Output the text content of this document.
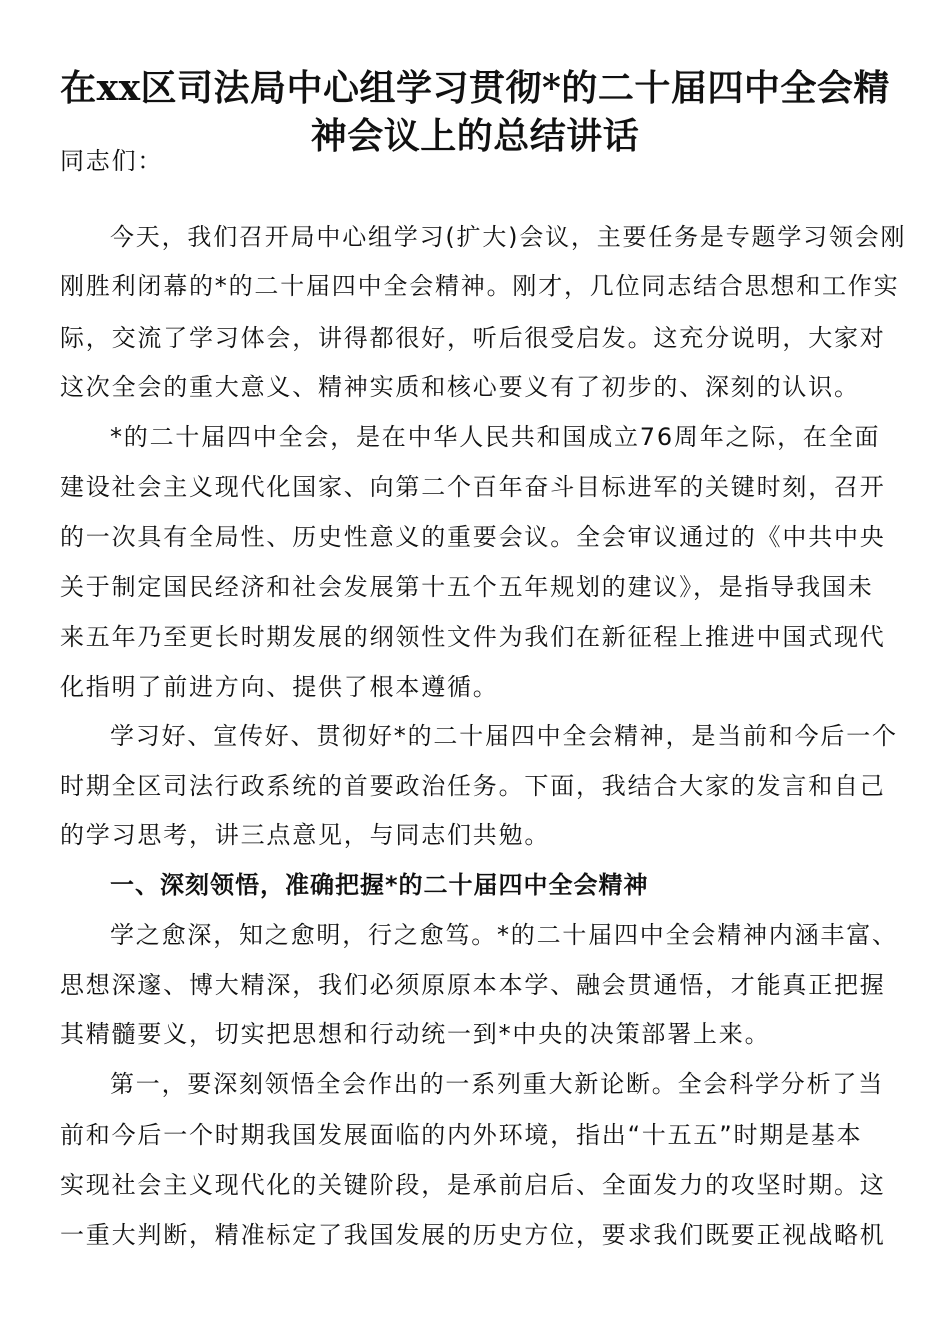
在xx区司法局中心组学习贯彻*的二十届四中全会精
神会议上的总结讲话
同志们：
今天，我们召开局中心组学习(扩大)会议，主要任务是专题学习领会刚
刚胜利闭幕的*的二十届四中全会精神。刚才，几位同志结合思想和工作实
际，交流了学习体会，讲得都很好，听后很受启发。这充分说明，大家对
这次全会的重大意义、精神实质和核心要义有了初步的、深刻的认识。
*的二十届四中全会，是在中华人民共和国成立76周年之际，在全面
建设社会主义现代化国家、向第二个百年奋斗目标进军的关键时刻，召开
的一次具有全局性、历史性意义的重要会议。全会审议通过的《中共中央
关于制定国民经济和社会发展第十五个五年规划的建议》，是指导我国未
来五年乃至更长时期发展的纲领性文件为我们在新征程上推进中国式现代
化指明了前进方向、提供了根本遵循。
学习好、宣传好、贯彻好*的二十届四中全会精神，是当前和今后一个
时期全区司法行政系统的首要政治任务。下面，我结合大家的发言和自己
的学习思考，讲三点意见，与同志们共勉。
一、深刻领悟，准确把握*的二十届四中全会精神
学之愈深，知之愈明，行之愈笃。*的二十届四中全会精神内涵丰富、
思想深邃、博大精深，我们必须原原本本学、融会贯通悟，才能真正把握
其精髓要义，切实把思想和行动统一到*中央的决策部署上来。
第一，要深刻领悟全会作出的一系列重大新论断。全会科学分析了当
前和今后一个时期我国发展面临的内外环境，指出“十五五”时期是基本
实现社会主义现代化的关键阶段，是承前启后、全面发力的攻坚时期。这
一重大判断，精准标定了我国发展的历史方位，要求我们既要正视战略机
